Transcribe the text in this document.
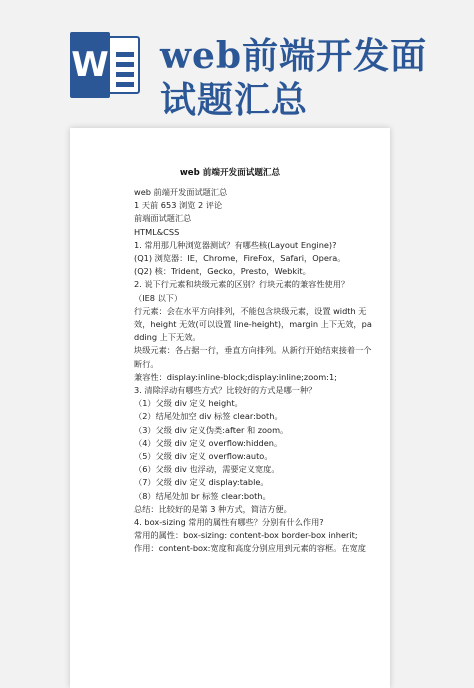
W web前端开发面
试题汇总
web 前端开发面试题汇总
web 前端开发面试题汇总
1 天前 653 浏览 2 评论
前端面试题汇总
HTML&CSS
1. 常用那几种浏览器测试？有哪些核(Layout Engine)?
(Q1) 浏览器：IE，Chrome，FireFox，Safari，Opera。
(Q2) 核：Trident，Gecko，Presto，Webkit。
2. 说下行元素和块级元素的区别？行块元素的兼容性使用？
（IE8 以下）
行元素：会在水平方向排列，不能包含块级元素，设置 width 无效，height 无效(可以设置 line-height)，margin 上下无效，padding 上下无效。
块级元素：各占据一行，垂直方向排列。从新行开始结束接着一个断行。
兼容性：display:inline-block;display:inline;zoom:1;
3. 清除浮动有哪些方式？比较好的方式是哪一种？
（1）父级 div 定义 height。
（2）结尾处加空 div 标签 clear:both。
（3）父级 div 定义伪类:after 和 zoom。
（4）父级 div 定义 overflow:hidden。
（5）父级 div 定义 overflow:auto。
（6）父级 div 也浮动，需要定义宽度。
（7）父级 div 定义 display:table。
（8）结尾处加 br 标签 clear:both。
总结：比较好的是第 3 种方式，简洁方便。
4. box-sizing 常用的属性有哪些？分别有什么作用?
常用的属性：box-sizing: content-box border-box inherit;
作用：content-box:宽度和高度分别应用到元素的容框。在宽度
